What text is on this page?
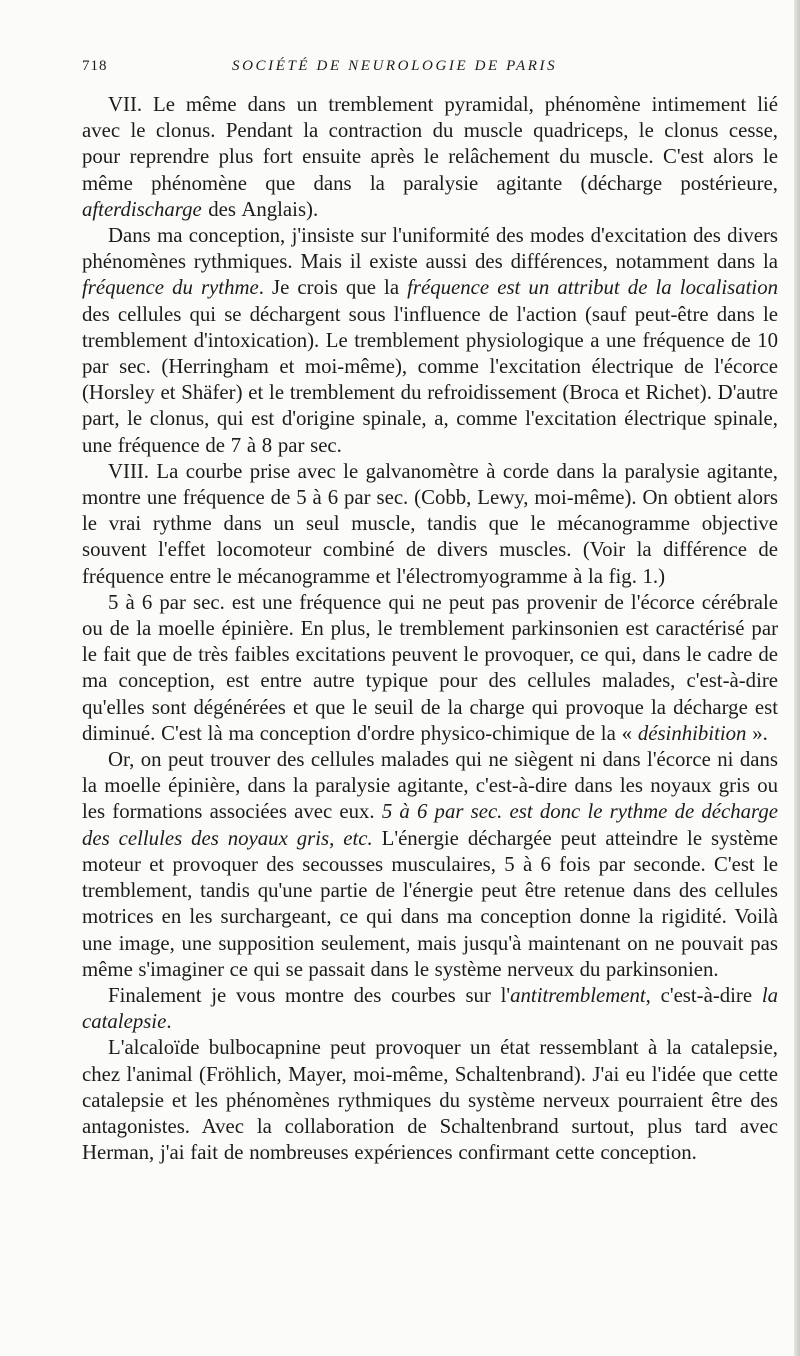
718	SOCIÉTÉ DE NEUROLOGIE DE PARIS

VII. Le même dans un tremblement pyramidal, phénomène intimement lié avec le clonus. Pendant la contraction du muscle quadriceps, le clonus cesse, pour reprendre plus fort ensuite après le relâchement du muscle. C'est alors le même phénomène que dans la paralysie agitante (décharge postérieure, afterdischarge des Anglais).

Dans ma conception, j'insiste sur l'uniformité des modes d'excitation des divers phénomènes rythmiques. Mais il existe aussi des différences, notamment dans la fréquence du rythme. Je crois que la fréquence est un attribut de la localisation des cellules qui se déchargent sous l'influence de l'action (sauf peut-être dans le tremblement d'intoxication). Le tremblement physiologique a une fréquence de 10 par sec. (Herringham et moi-même), comme l'excitation électrique de l'écorce (Horsley et Shäfer) et le tremblement du refroidissement (Broca et Richet). D'autre part, le clonus, qui est d'origine spinale, a, comme l'excitation électrique spinale, une fréquence de 7 à 8 par sec.

VIII. La courbe prise avec le galvanomètre à corde dans la paralysie agitante, montre une fréquence de 5 à 6 par sec. (Cobb, Lewy, moi-même). On obtient alors le vrai rythme dans un seul muscle, tandis que le mécanogramme objective souvent l'effet locomoteur combiné de divers muscles. (Voir la différence de fréquence entre le mécanogramme et l'électromyogramme à la fig. 1.)

5 à 6 par sec. est une fréquence qui ne peut pas provenir de l'écorce cérébrale ou de la moelle épinière. En plus, le tremblement parkinsonien est caractérisé par le fait que de très faibles excitations peuvent le provoquer, ce qui, dans le cadre de ma conception, est entre autre typique pour des cellules malades, c'est-à-dire qu'elles sont dégénérées et que le seuil de la charge qui provoque la décharge est diminué. C'est là ma conception d'ordre physico-chimique de la « désinhibition ».

Or, on peut trouver des cellules malades qui ne siègent ni dans l'écorce ni dans la moelle épinière, dans la paralysie agitante, c'est-à-dire dans les noyaux gris ou les formations associées avec eux. 5 à 6 par sec. est donc le rythme de décharge des cellules des noyaux gris, etc. L'énergie déchargée peut atteindre le système moteur et provoquer des secousses musculaires, 5 à 6 fois par seconde. C'est le tremblement, tandis qu'une partie de l'énergie peut être retenue dans des cellules motrices en les surchargeant, ce qui dans ma conception donne la rigidité. Voilà une image, une supposition seulement, mais jusqu'à maintenant on ne pouvait pas même s'imaginer ce qui se passait dans le système nerveux du parkinsonien.

Finalement je vous montre des courbes sur l'antitremblement, c'est-à-dire la catalepsie.

L'alcaloïde bulbocapnine peut provoquer un état ressemblant à la catalepsie, chez l'animal (Fröhlich, Mayer, moi-même, Schaltenbrand). J'ai eu l'idée que cette catalepsie et les phénomènes rythmiques du système nerveux pourraient être des antagonistes. Avec la collaboration de Schaltenbrand surtout, plus tard avec Herman, j'ai fait de nombreuses expériences confirmant cette conception.
